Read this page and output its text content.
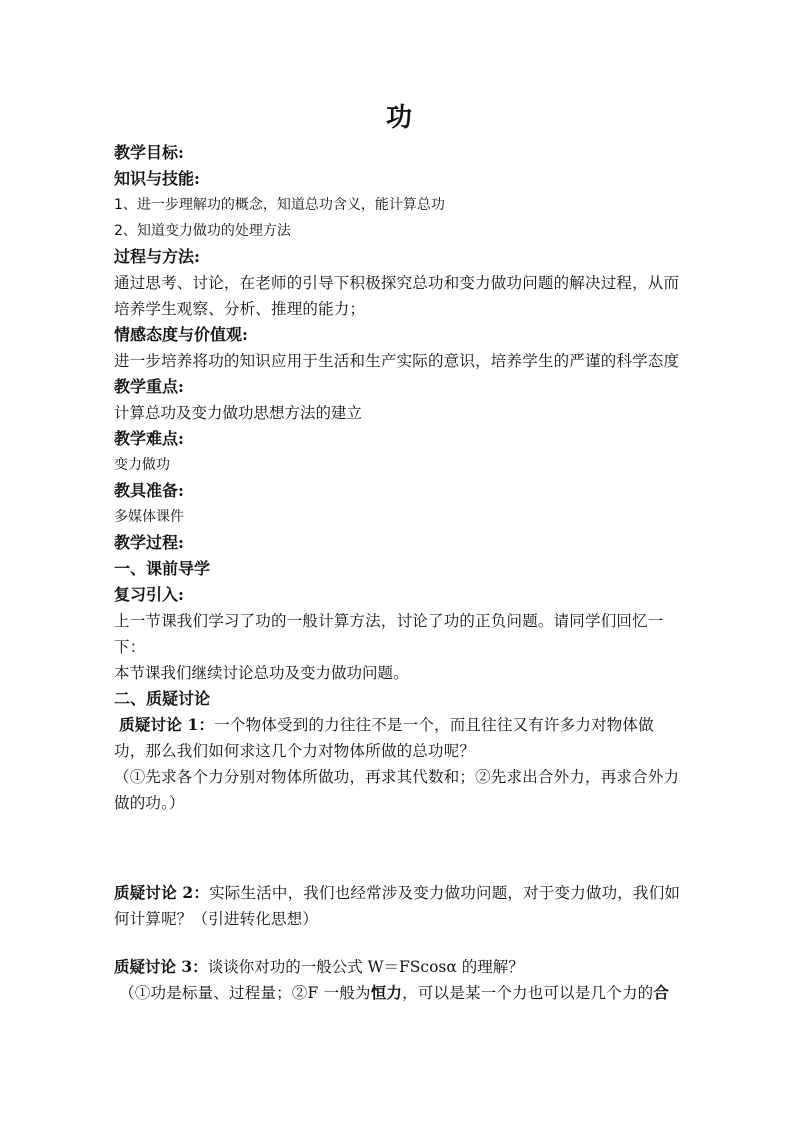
功
教学目标:
知识与技能:
1、进一步理解功的概念，知道总功含义，能计算总功
2、知道变力做功的处理方法
过程与方法:
通过思考、讨论，在老师的引导下积极探究总功和变力做功问题的解决过程，从而培养学生观察、分析、推理的能力；
情感态度与价值观:
进一步培养将功的知识应用于生活和生产实际的意识，培养学生的严谨的科学态度
教学重点:
计算总功及变力做功思想方法的建立
教学难点:
变力做功
教具准备:
多媒体课件
教学过程:
一、课前导学
复习引入:
上一节课我们学习了功的一般计算方法，讨论了功的正负问题。请同学们回忆一下：
本节课我们继续讨论总功及变力做功问题。
二、质疑讨论
质疑讨论 1：一个物体受到的力往往不是一个，而且往往又有许多力对物体做功，那么我们如何求这几个力对物体所做的总功呢？
（①先求各个力分别对物体所做功，再求其代数和；②先求出合外力，再求合外力做的功。）
质疑讨论 2：实际生活中，我们也经常涉及变力做功问题，对于变力做功，我们如何计算呢？（引进转化思想）
质疑讨论 3：谈谈你对功的一般公式 W＝FScosα 的理解？
（①功是标量、过程量；②F 一般为恒力，可以是某一个力也可以是几个力的合
